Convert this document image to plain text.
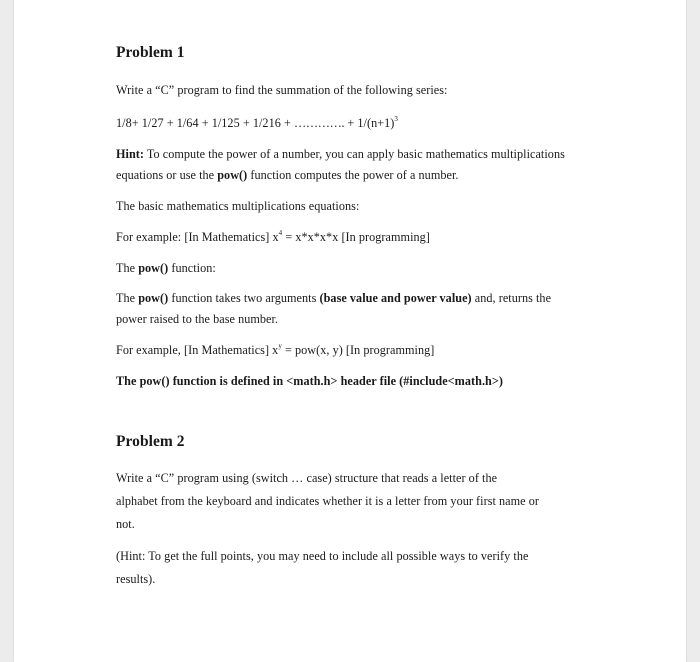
Problem 1
Write a “C” program to find the summation of the following series:
1/8+ 1/27 + 1/64 + 1/125 + 1/216 + …………. + $1/(n+1)^3$
Hint: To compute the power of a number, you can apply basic mathematics multiplications
equations or use the pow() function computes the power of a number.
The basic mathematics multiplications equations:
For example: [In Mathematics] $x^4 = x*x*x*x$ [In programming]
The pow() function:
The pow() function takes two arguments (base value and power value) and, returns the
power raised to the base number.
For example, [In Mathematics] $x^y = pow(x$, y) [In programming]
The pow() function is defined in <math.h> header file (#include<math.h>)
Problem 2
Write a “C” program using (switch … case) structure that reads a letter of the
alphabet from the keyboard and indicates whether it is a letter from your first name or
not.
(Hint: To get the full points, you may need to include all possible ways to verify the
results).
